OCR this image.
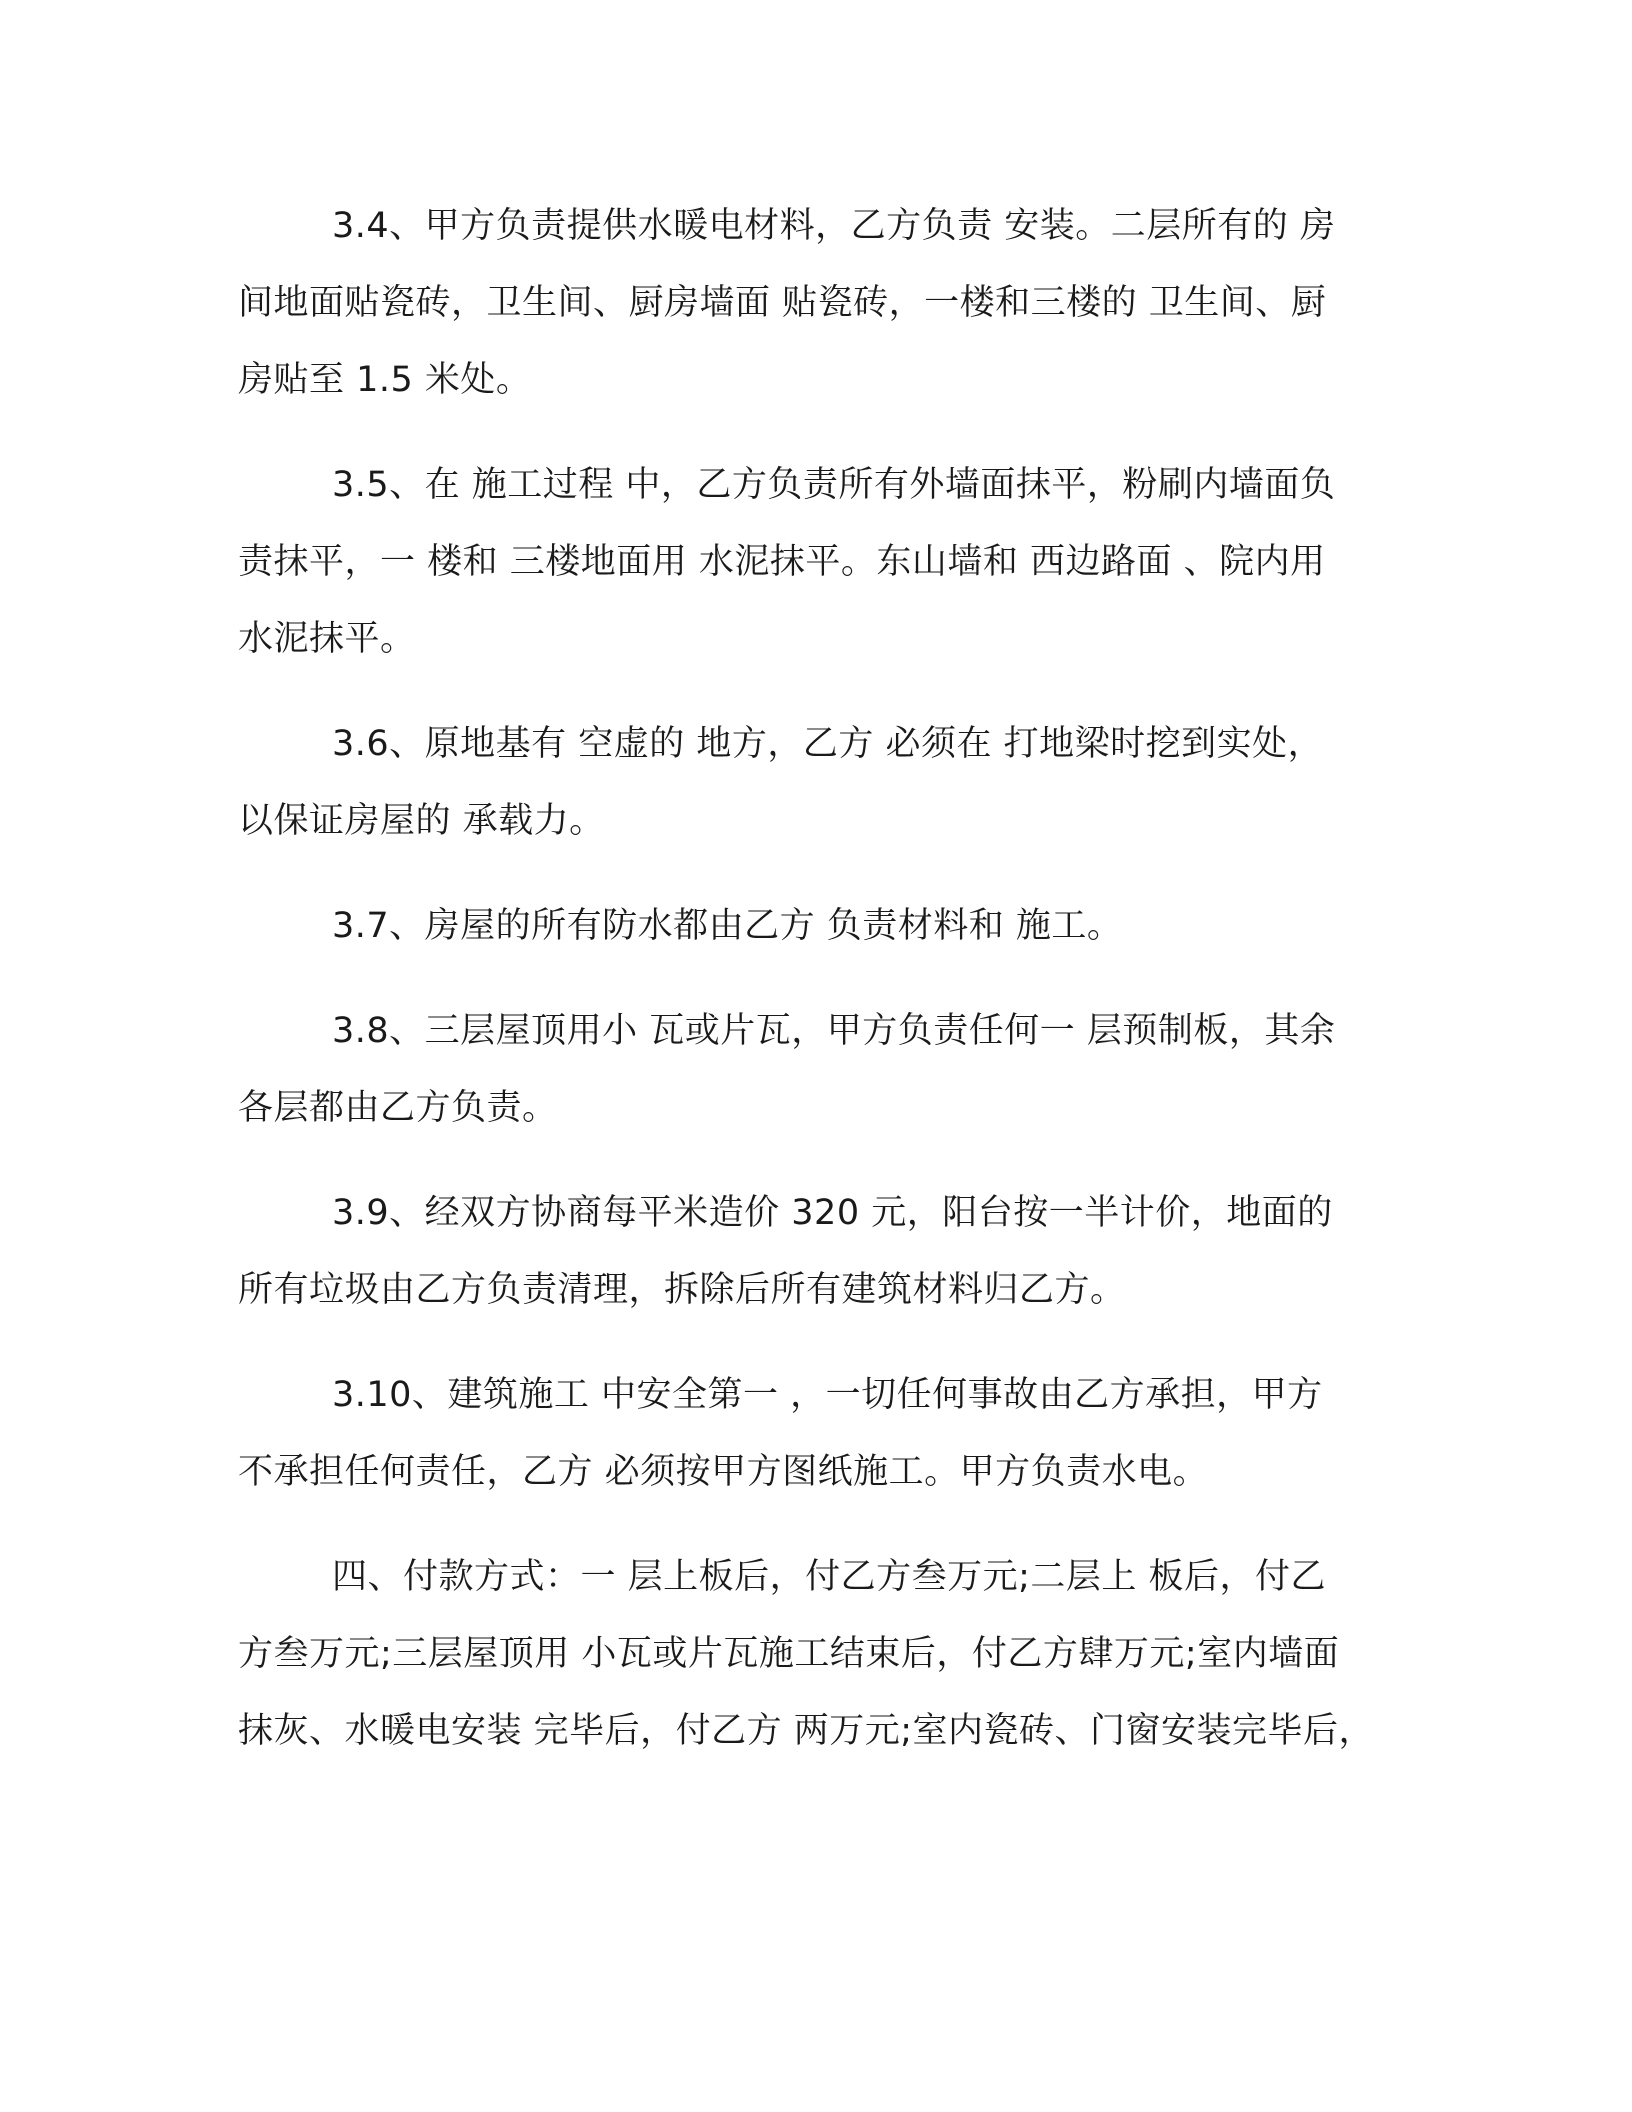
3.4、甲方负责提供水暖电材料，乙方负责 安装。二层所有的 房
间地面贴瓷砖，卫生间、厨房墙面 贴瓷砖，一楼和三楼的 卫生间、厨
房贴至 1.5 米处。
3.5、在 施工过程 中，乙方负责所有外墙面抹平，粉刷内墙面负
责抹平，一 楼和 三楼地面用 水泥抹平。东山墙和 西边路面 、院内用
水泥抹平。
3.6、原地基有 空虚的 地方，乙方 必须在 打地梁时挖到实处，
以保证房屋的 承载力。
3.7、房屋的所有防水都由乙方 负责材料和 施工。
3.8、三层屋顶用小 瓦或片瓦，甲方负责任何一 层预制板，其余
各层都由乙方负责。
3.9、经双方协商每平米造价 320 元，阳台按一半计价，地面的
所有垃圾由乙方负责清理，拆除后所有建筑材料归乙方。
3.10、建筑施工 中安全第一 ，一切任何事故由乙方承担，甲方
不承担任何责任，乙方 必须按甲方图纸施工。甲方负责水电。
四、付款方式：一 层上板后，付乙方叁万元;二层上 板后，付乙
方叁万元;三层屋顶用 小瓦或片瓦施工结束后，付乙方肆万元;室内墙面
抹灰、水暖电安装 完毕后，付乙方 两万元;室内瓷砖、门窗安装完毕后，
